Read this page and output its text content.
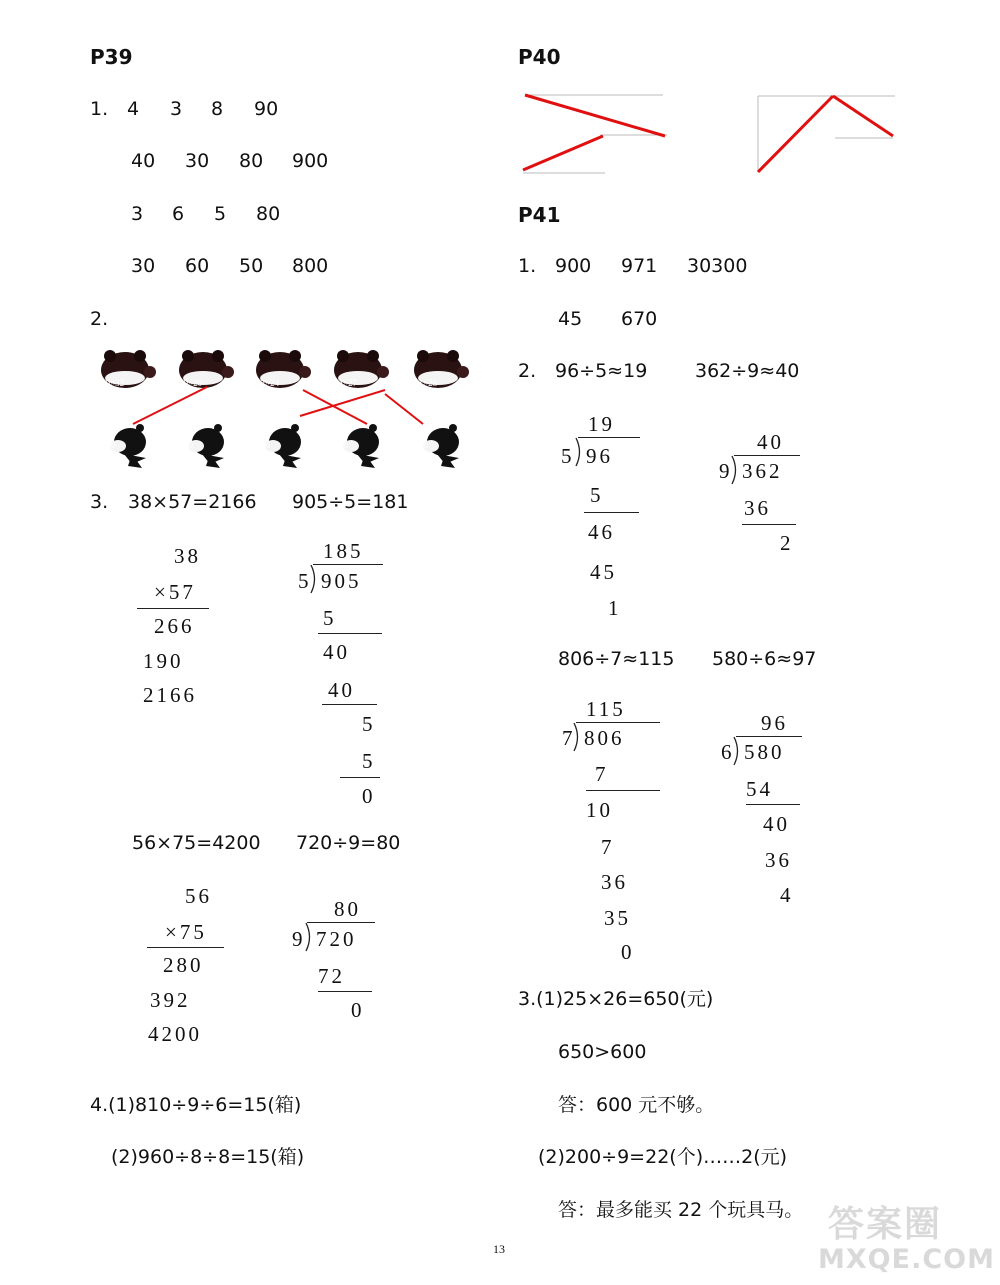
P39
1. 4 3 8 90
40 30 80 900
3 6 5 80
30 60 50 800
2.
20×32	60×20	22×24	24×27	21×28
500	600	600	500	600
3. 38×57=2166 905÷5=181
38
×57
266
190
2166
185
5 905
5
40
40
5
5
0
56×75=4200 720÷9=80
56
×75
280
392
4200
80
9 720
72
0
4.(1)810÷9÷6=15(箱)
(2)960÷8÷8=15(箱)
P40
P41
1. 900 971 30300
45 670
2. 96÷5≈19	362÷9≈40
19
5 96
5
46
45
1
40
9 362
36
2
806÷7≈115 580÷6≈97
115
7 806
7
10
7
36
35
0
96
6 580
54
40
36
4
3.(1)25×26=650(元)
650>600
答：600 元不够。
(2)200÷9=22(个)……2(元)
答：最多能买 22 个玩具马。
13
答案圈
MXQE.COM
